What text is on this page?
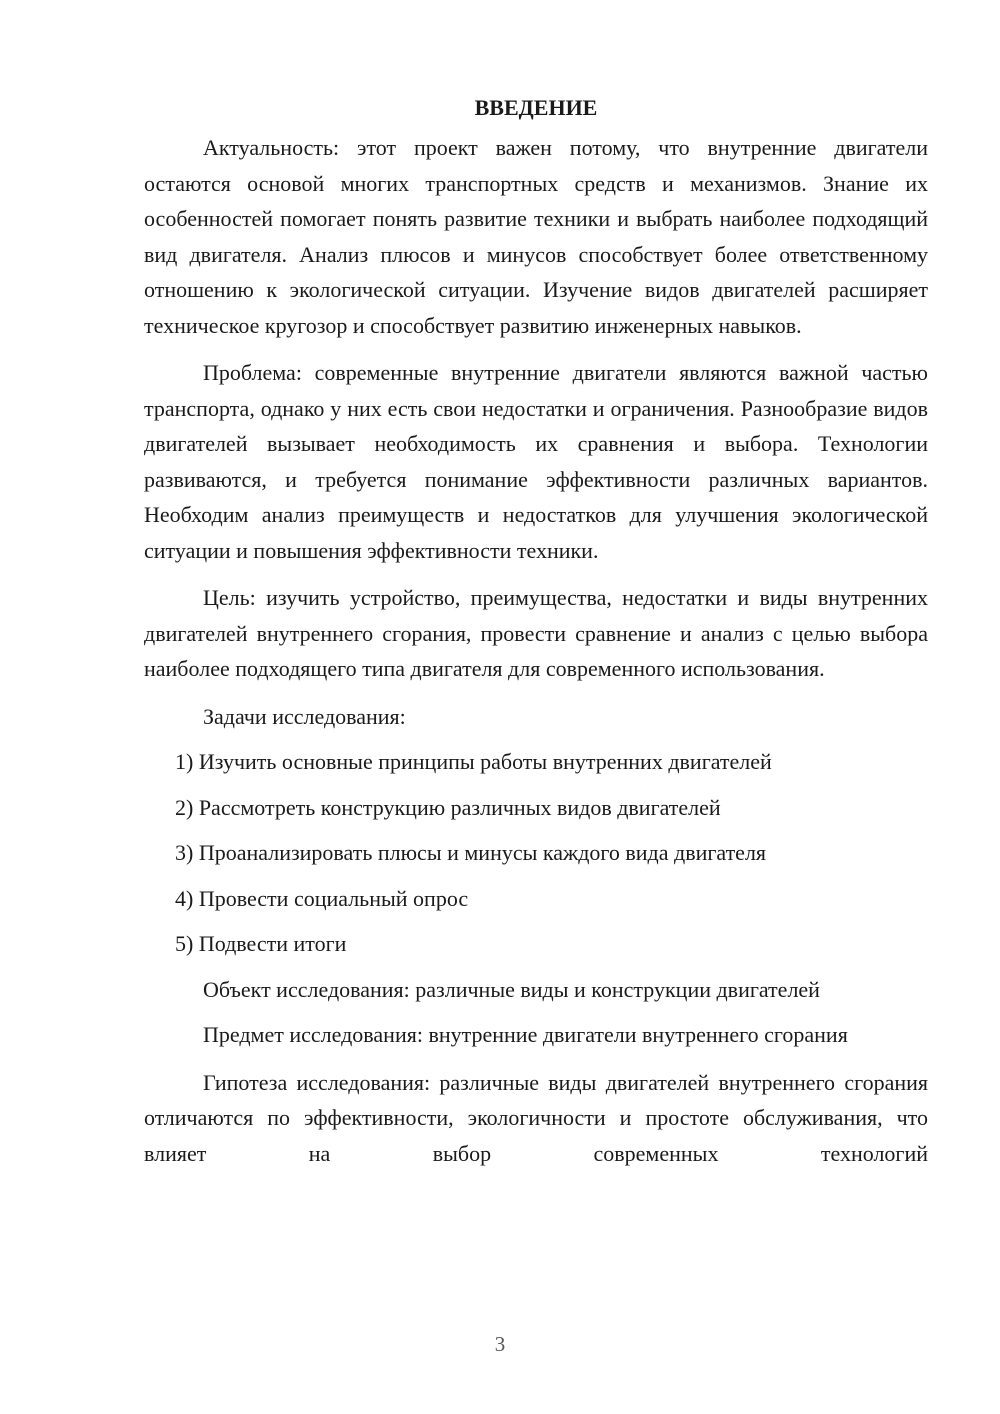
ВВЕДЕНИЕ

Актуальность: этот проект важен потому, что внутренние двигатели остаются основой многих транспортных средств и механизмов. Знание их особенностей помогает понять развитие техники и выбрать наиболее подходящий вид двигателя. Анализ плюсов и минусов способствует более ответственному отношению к экологической ситуации. Изучение видов двигателей расширяет техническое кругозор и способствует развитию инженерных навыков.

Проблема: современные внутренние двигатели являются важной частью транспорта, однако у них есть свои недостатки и ограничения. Разнообразие видов двигателей вызывает необходимость их сравнения и выбора. Технологии развиваются, и требуется понимание эффективности различных вариантов. Необходим анализ преимуществ и недостатков для улучшения экологической ситуации и повышения эффективности техники.

Цель: изучить устройство, преимущества, недостатки и виды внутренних двигателей внутреннего сгорания, провести сравнение и анализ с целью выбора наиболее подходящего типа двигателя для современного использования.

Задачи исследования:
1) Изучить основные принципы работы внутренних двигателей
2) Рассмотреть конструкцию различных видов двигателей
3) Проанализировать плюсы и минусы каждого вида двигателя
4) Провести социальный опрос
5) Подвести итоги
Объект исследования: различные виды и конструкции двигателей

Предмет исследования: внутренние двигатели внутреннего сгорания

Гипотеза исследования: различные виды двигателей внутреннего сгорания отличаются по эффективности, экологичности и простоте обслуживания, что влияет на выбор современных технологий

3
